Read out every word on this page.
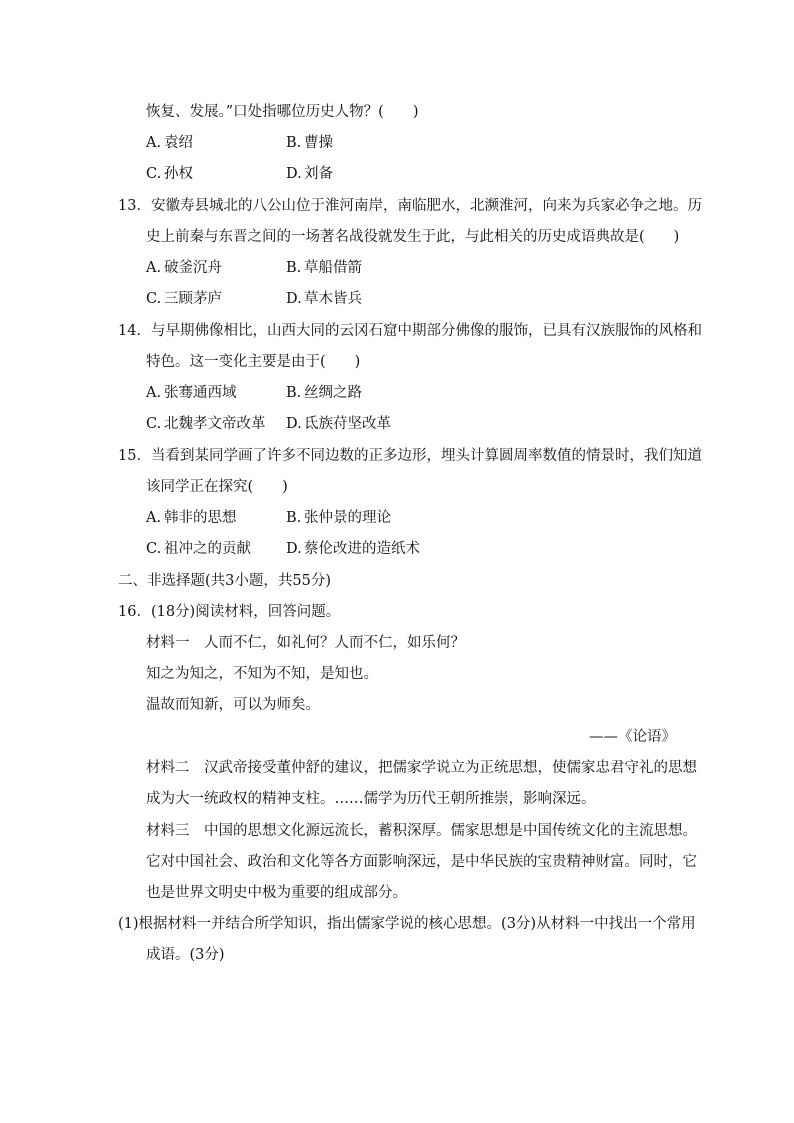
恢复、发展。”口处指哪位历史人物？(　　)
A. 袁绍	B. 曹操
C. 孙权	D. 刘备
13．安徽寿县城北的八公山位于淮河南岸，南临肥水，北濒淮河，向来为兵家必争之地。历
史上前秦与东晋之间的一场著名战役就发生于此，与此相关的历史成语典故是(　　)
A. 破釜沉舟	B. 草船借箭
C. 三顾茅庐	D. 草木皆兵
14．与早期佛像相比，山西大同的云冈石窟中期部分佛像的服饰，已具有汉族服饰的风格和
特色。这一变化主要是由于(　　)
A. 张骞通西域	B. 丝绸之路
C. 北魏孝文帝改革 D. 氐族苻坚改革
15．当看到某同学画了许多不同边数的正多边形，埋头计算圆周率数值的情景时，我们知道
该同学正在探究(　　)
A. 韩非的思想	B. 张仲景的理论
C. 祖冲之的贡献 D. 蔡伦改进的造纸术
二、非选择题(共3小题，共55分)
16．(18分)阅读材料，回答问题。
材料一　人而不仁，如礼何？人而不仁，如乐何？
知之为知之，不知为不知，是知也。
温故而知新，可以为师矣。
——《论语》
材料二　汉武帝接受董仲舒的建议，把儒家学说立为正统思想，使儒家忠君守礼的思想
成为大一统政权的精神支柱。……儒学为历代王朝所推崇，影响深远。
材料三　中国的思想文化源远流长，蓄积深厚。儒家思想是中国传统文化的主流思想。
它对中国社会、政治和文化等各方面影响深远，是中华民族的宝贵精神财富。同时，它
也是世界文明史中极为重要的组成部分。
(1)根据材料一并结合所学知识，指出儒家学说的核心思想。(3分)从材料一中找出一个常用
成语。(3分)
